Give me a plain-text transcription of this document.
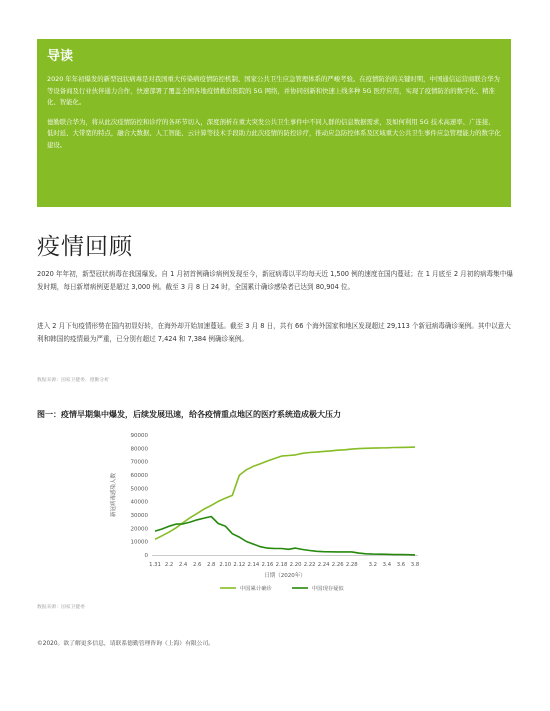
导读

2020 年年初爆发的新型冠状病毒是对我国重大传染病疫情防控机制、国家公共卫生应急管理体系的严峻考验。在疫情防治的关键时期，中国通信运营商联合华为等设备商及行业伙伴通力合作，快速部署了覆盖全国各地疫情救治医院的 5G 网络，并协同创新和快速上线多种 5G 医疗应用，实现了疫情防治的数字化、精准化、智能化。

德勤联合华为，将从此次疫情防控和诊疗的各环节切入，深度剖析在重大突发公共卫生事件中不同人群的信息数据需求，及如何利用 5G 技术高速率、广连接、低时延、大带宽的特点，融合大数据、人工智能、云计算等技术手段助力此次疫情的防控诊疗，推动应急防控体系及区域重大公共卫生事件应急管理能力的数字化建设。

疫情回顾

2020 年年初，新型冠状病毒在我国爆发。自 1 月初首例确诊病例发现至今，新冠病毒以平均每天近 1,500 例的速度在国内蔓延；在 1 月底至 2 月初的病毒集中爆发时期，每日新增病例更是超过 3,000 例。截至 3 月 8 日 24 时，全国累计确诊感染者已达到 80,904 位。

进入 2 月下旬疫情形势在国内初显好转，在海外却开始加速蔓延。截至 3 月 8 日，共有 66 个海外国家和地区发现超过 29,113 个新冠病毒确诊案例。其中以意大利和韩国的疫情最为严重，已分别有超过 7,424 和 7,384 例确诊案例。

数据来源：国家卫健委、德勤分析

图一：疫情早期集中爆发，后续发展迅速，给各疫情重点地区的医疗系统造成极大压力

0
10000
20000
30000
40000
50000
60000
70000
80000
90000
1.31 2.2 2.4 2.6 2.8 2.10 2.12 2.14 2.16 2.18 2.20 2.22 2.24 2.26 2.28 3.2 3.4 3.6 3.8
日期（2020年）
新冠病毒感染人数
中国累计确诊	中国现存疑似

数据来源：国家卫健委

©2020。欲了解更多信息，请联系德勤管理咨询（上海）有限公司。
